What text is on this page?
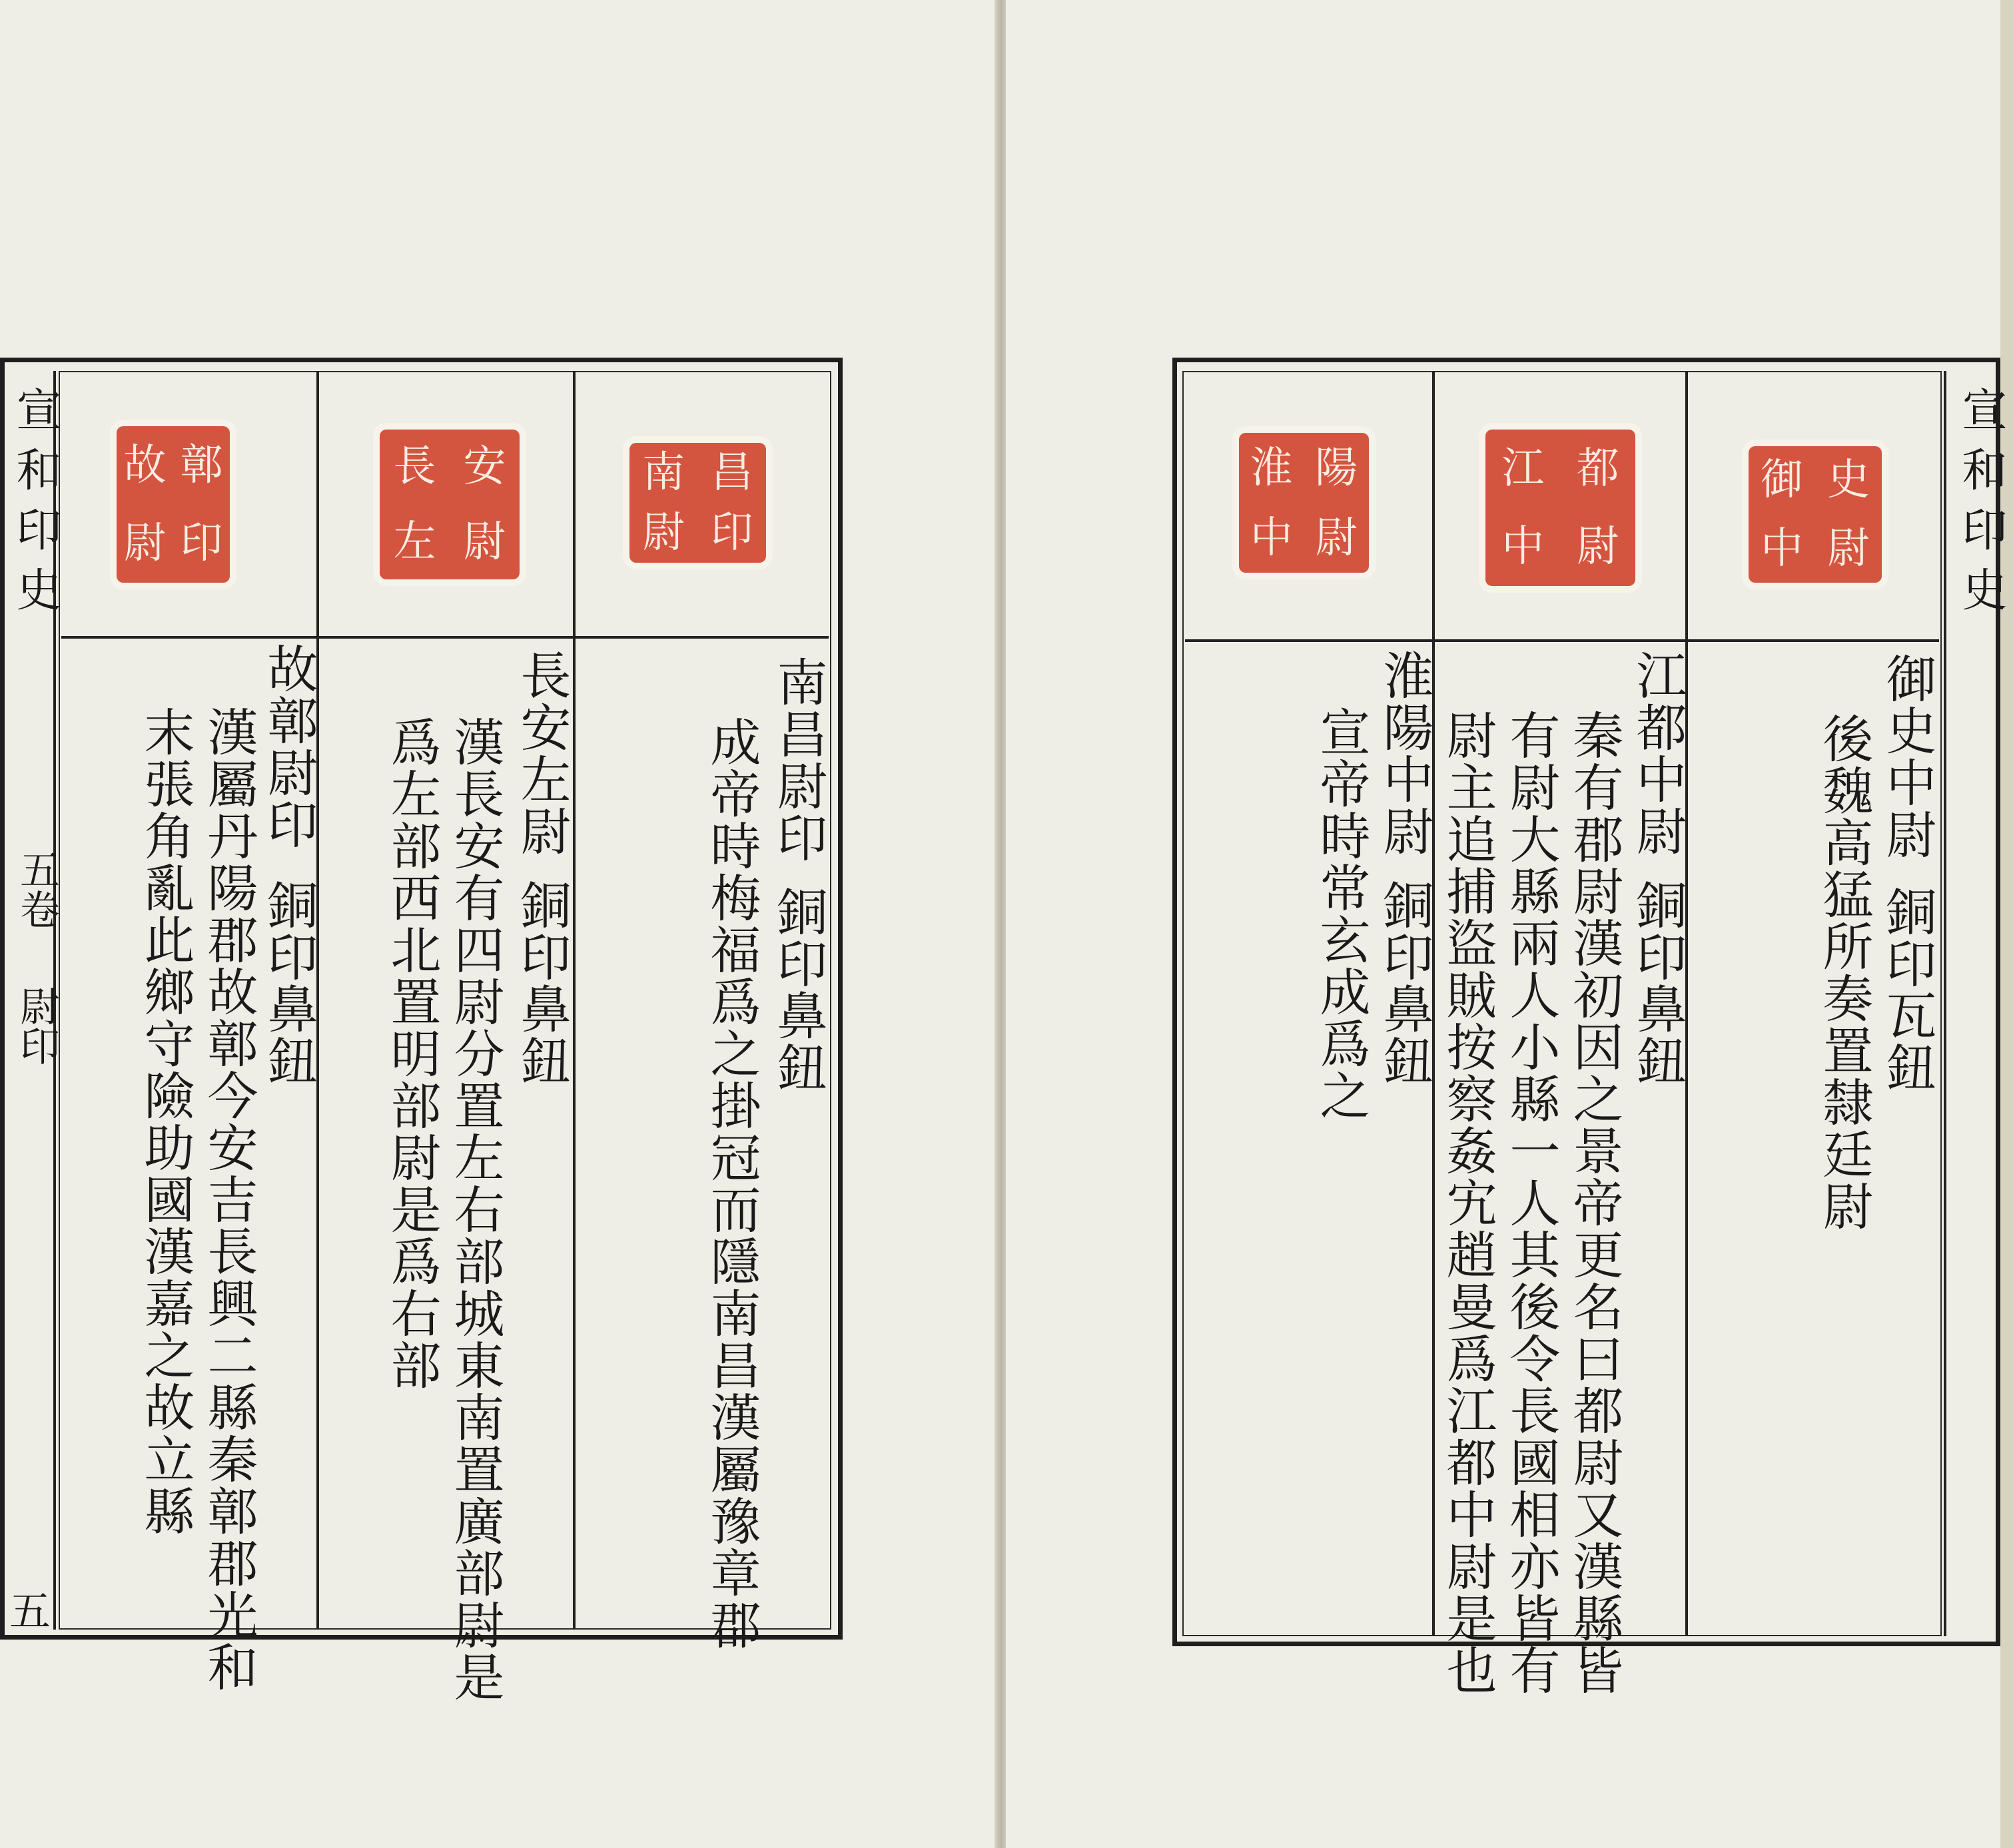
宣和印史
五卷
尉印
五
南 昌
尉 印
南昌尉印
銅印鼻鈕
成帝時梅福爲之掛冠而隱南昌漢屬豫章郡
長 安
左 尉
長安左尉
銅印鼻鈕
漢長安有四尉分置左右部城東南置廣部尉是
爲左部西北置明部尉是爲右部
故 鄣
尉 印
故鄣尉印
銅印鼻鈕
漢屬丹陽郡故鄣今安吉長興二縣秦鄣郡光和
末張角亂此鄉守險助國漢嘉之故立縣
宣和印史
御 史
中 尉
御史中尉
銅印瓦鈕
後魏高猛所奏置隸廷尉
江 都
中 尉
江都中尉
銅印鼻鈕
秦有郡尉漢初因之景帝更名曰都尉又漢縣皆
有尉大縣兩人小縣一人其後令長國相亦皆有
尉主追捕盜賊按察姦宄趙曼爲江都中尉是也
淮 陽
中 尉
淮陽中尉
銅印鼻鈕
宣帝時常玄成爲之
